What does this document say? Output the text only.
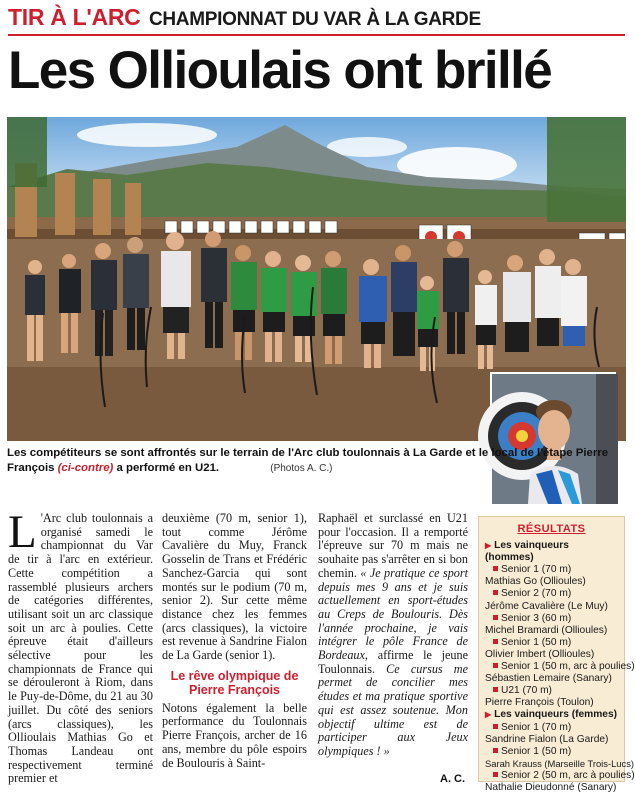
TIR À L'ARC CHAMPIONNAT DU VAR À LA GARDE
Les Ollioulais ont brillé

Les compétiteurs se sont affrontés sur le terrain de l'Arc club toulonnais à La Garde et le local de l'étape Pierre François (ci-contre) a performé en U21.	(Photos A. C.)

L 'Arc club toulonnais a organisé samedi le championnat du Var de tir à l'arc en extérieur. Cette compétition a rassemblé plusieurs archers de catégories différentes, utilisant soit un arc classique soit un arc à poulies. Cette épreuve était d'ailleurs sélective pour les championnats de France qui se dérouleront à Riom, dans le Puy-de-Dôme, du 21 au 30 juillet. Du côté des seniors (arcs classiques), les Ollioulais Mathias Go et Thomas Landeau ont respectivement terminé premier et

deuxième (70 m, senior 1), tout comme Jérôme Cavalière du Muy, Franck Gosselin de Trans et Frédéric Sanchez-Garcia qui sont montés sur le podium (70 m, senior 2). Sur cette même distance chez les femmes (arcs classiques), la victoire est revenue à Sandrine Fialon de La Garde (senior 1).

Le rêve olympique de Pierre François

Notons également la belle performance du Toulonnais Pierre François, archer de 16 ans, membre du pôle espoirs de Boulouris à Saint-

Raphaël et surclassé en U21 pour l'occasion. Il a remporté l'épreuve sur 70 m mais ne souhaite pas s'arrêter en si bon chemin. « Je pratique ce sport depuis mes 9 ans et je suis actuellement en sport-études au Creps de Boulouris. Dès l'année prochaine, je vais intégrer le pôle France de Bordeaux, affirme le jeune Toulonnais. Ce cursus me permet de concilier mes études et ma pratique sportive qui est assez soutenue. Mon objectif ultime est de participer aux Jeux olympiques ! »
A. C.
RÉSULTATS
▶ Les vainqueurs (hommes)
Senior 1 (70 m)
Mathias Go (Ollioules)
Senior 2 (70 m)
Jérôme Cavalière (Le Muy)
Senior 3 (60 m)
Michel Bramardi (Ollioules)
Senior 1 (50 m)
Olivier Imbert (Ollioules)
Senior 1 (50 m, arc à poulies)
Sébastien Lemaire (Sanary)
U21 (70 m)
Pierre François (Toulon)
▶ Les vainqueurs (femmes)
Senior 1 (70 m)
Sandrine Fialon (La Garde)
Senior 1 (50 m)
Sarah Krauss (Marseille Trois-Lucs)
Senior 2 (50 m, arc à poulies)
Nathalie Dieudonné (Sanary)
